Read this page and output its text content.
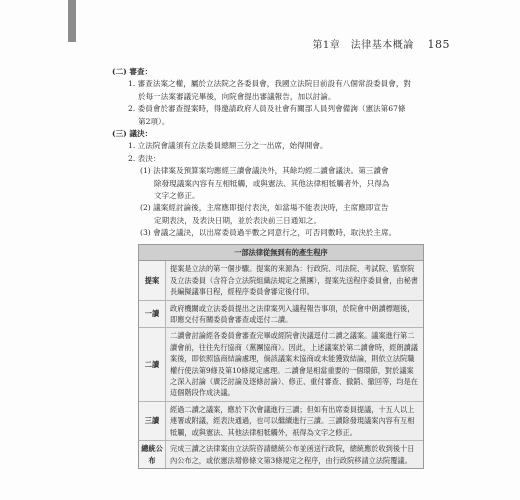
第1章　法律基本概論 185
(二) 審查：
1. 審查法案之權，屬於立法院之各委員會，我國立法院目前設有八個常設委員會，對於每一法案審議完畢後，向院會提出審議報告，加以討論。
2. 委員會於審查提案時，得邀請政府人員及社會有關部人員列會備詢（憲法第67條第2項）。
(三) 議決：
1. 立法院會議須有立法委員總額三分之一出席，始得開會。
2. 表決：
(1) 法律案及預算案均應經三讀會議決外，其餘均經二讀會議決。第三讀會
除發現議案內容有互相牴觸，或與憲法、其他法律相牴觸者外，只得為
文字之修正。
(2) 議案經討論後，主席應即提付表決，如當場不能表決時，主席應即宣告
定期表決，及表決日期，並於表決前三日通知之。
(3) 會議之議決，以出席委員過半數之同意行之，可否同數時，取決於主席。
一部法律從無到有的產生程序
提案
提案是立法的第一個步驟。提案的來源為：行政院、司法院、考試院、監察院及立法委員（含符合立法院組織法規定之黨團），提案先送程序委員會，由秘書長編擬議事日程，經程序委員會審定後付印。
一讀
政府機關或立法委員提出之法律案列入議程報告事項，於院會中朗讀標題後，即應交付有關委員會審查或逕付二讀。
二讀
二讀會討論經各委員會審查完畢或經院會決議逕付二讀之議案。議案進行第二讀會前，往往先行協商（黨團協商）。因此，上述議案於第二讀會時，經朗讀議案後，即依照協商結論處理，倘該議案未協商或未能獲致結論，則依立法院職權行使法第9條及第10條規定處理。二讀會是相當重要的一個環節，對於議案之深入討論（廣泛討論及逐條討論）、修正、重付審查、撤銷、撤回等，均是在這個階段作成決議。
三讀
經過二讀之議案，應於下次會議進行三讀；但如有出席委員提議，十五人以上連署或附議，經表決通過，也可以繼續進行三讀。三讀除發現議案內容有互相牴觸，或與憲法、其他法律相牴觸外，祇得為文字之修正。
總統公布
完成三讀之法律案由立法院咨請總統公布並函送行政院，總統應於收到後十日內公布之，或依憲法增修條文第3條規定之程序，由行政院移請立法院覆議。
